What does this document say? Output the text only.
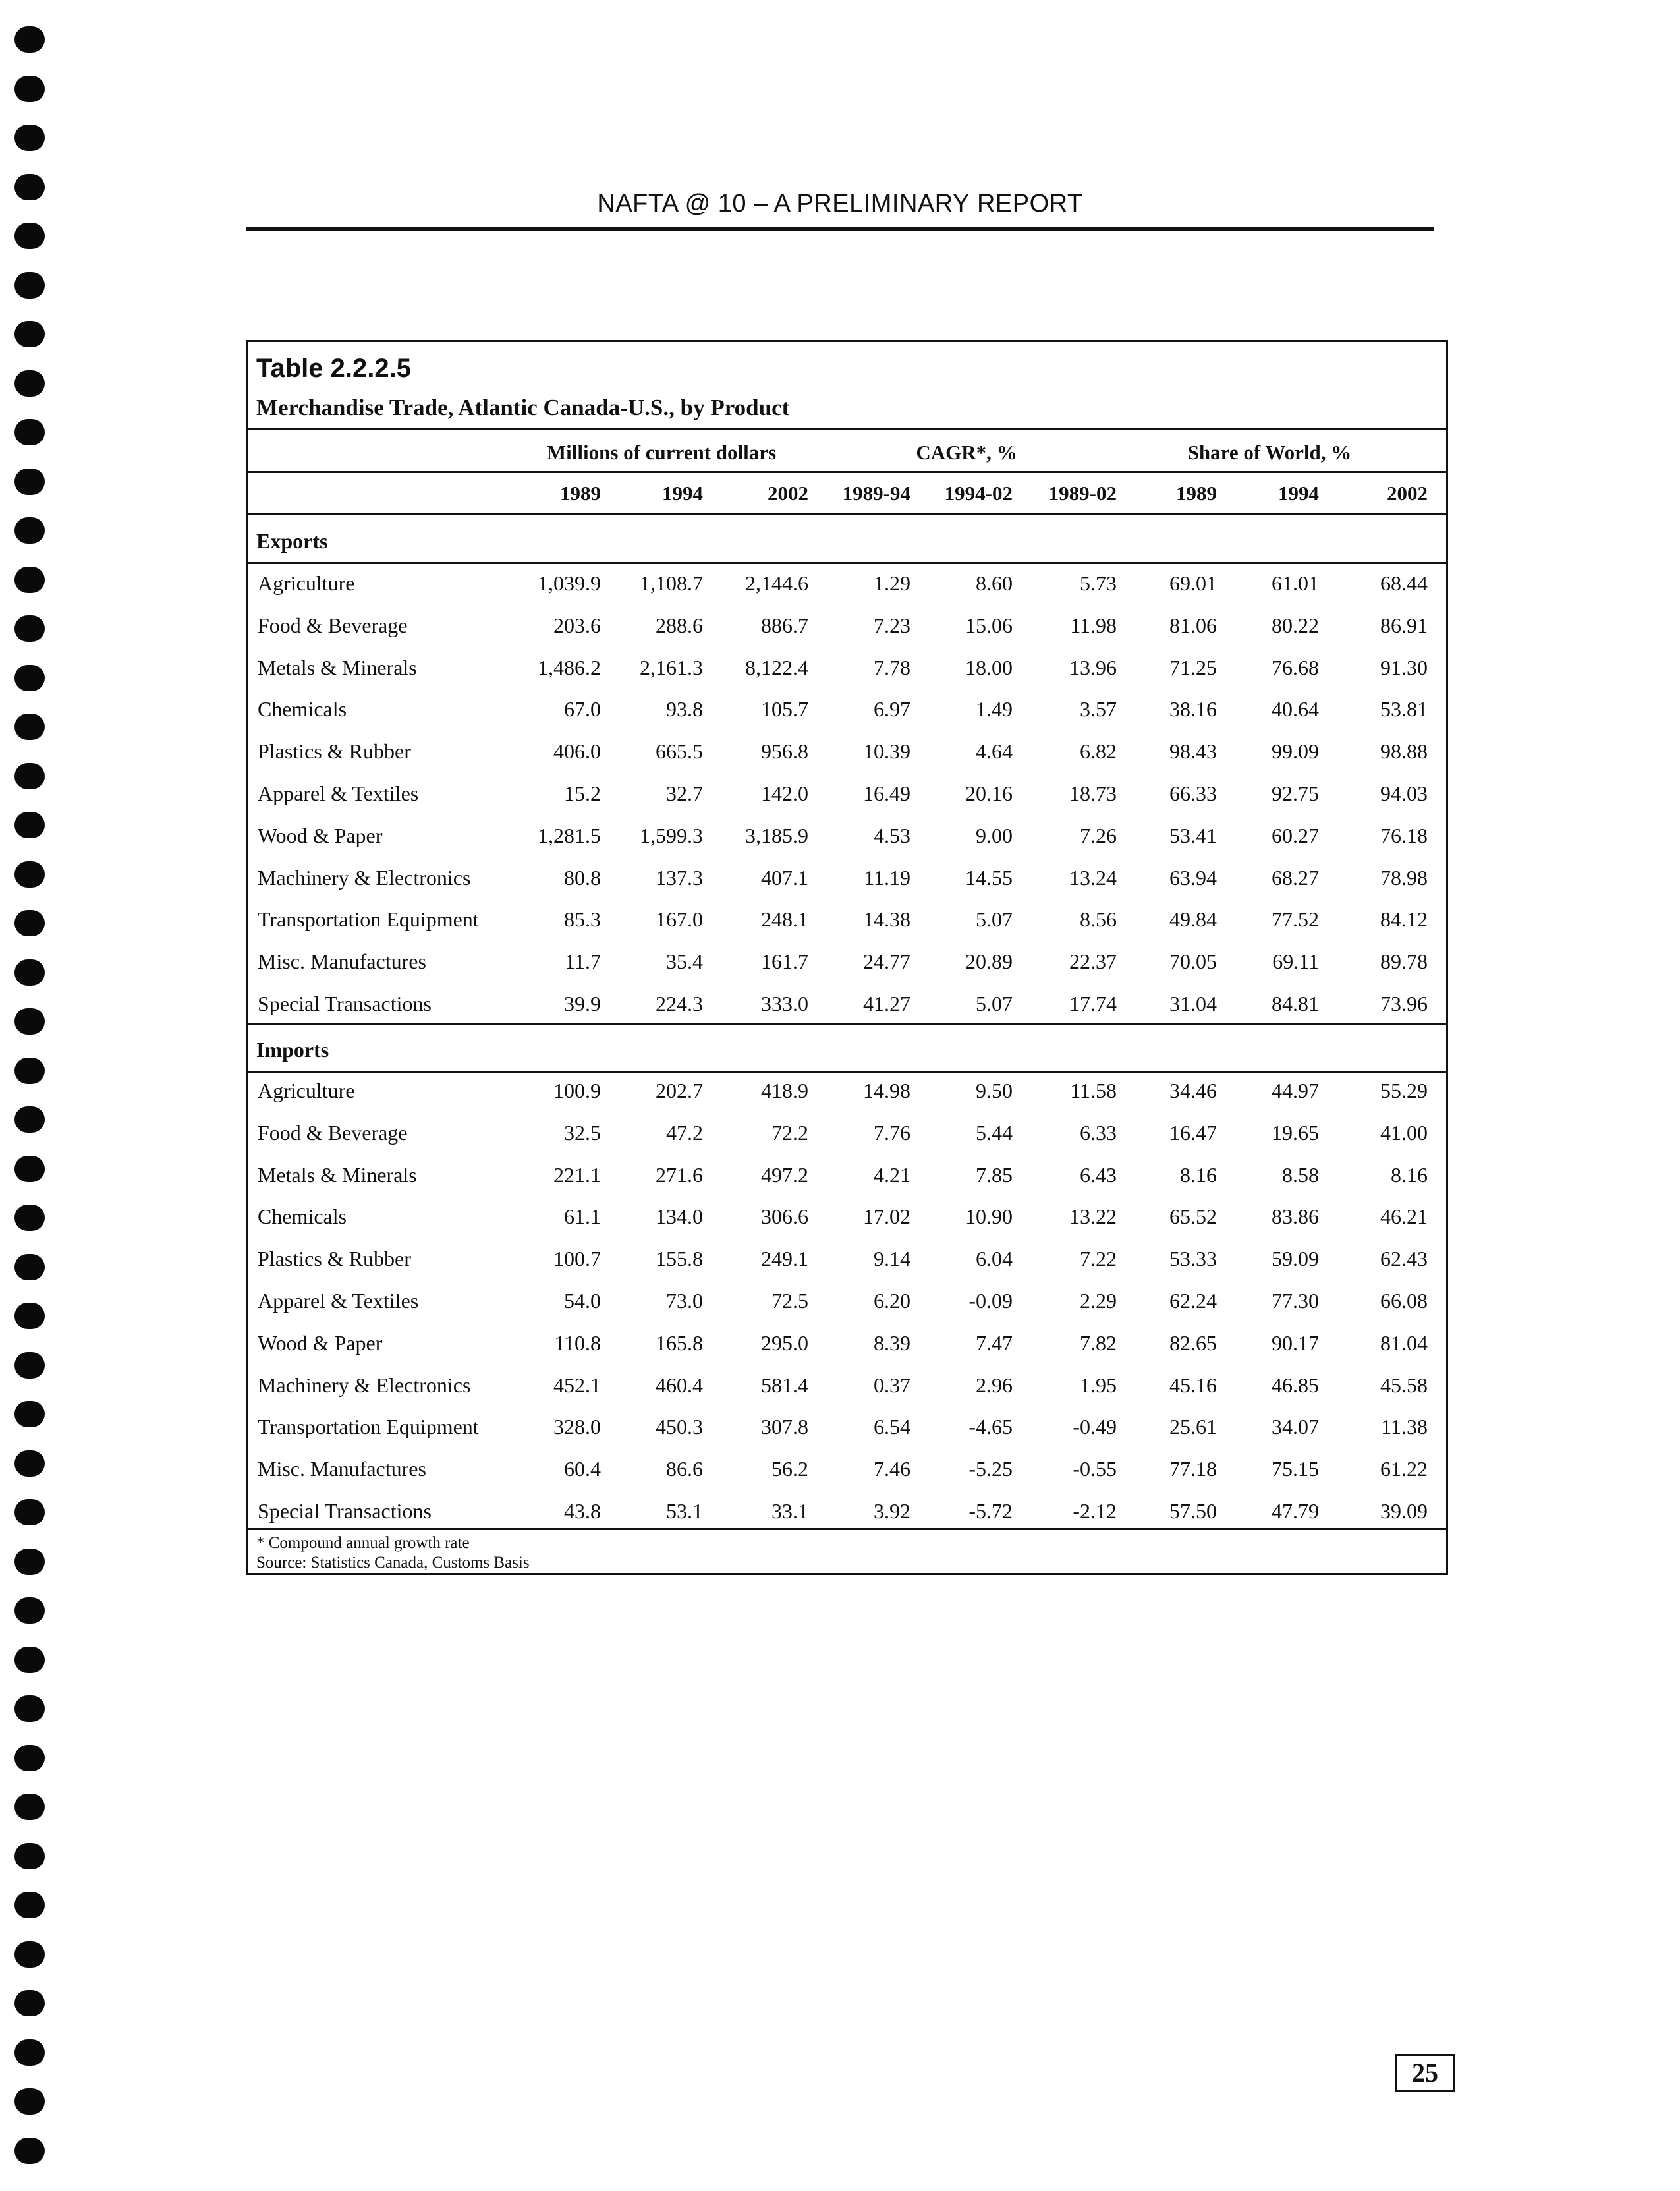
NAFTA @ 10 – A PRELIMINARY REPORT
Table 2.2.2.5
Merchandise Trade, Atlantic Canada-U.S., by Product
Millions of current dollars	CAGR*, %	Share of World, %
1989	1994	2002	1989-94	1994-02	1989-02	1989	1994	2002
Exports
Agriculture	1,039.9	1,108.7	2,144.6	1.29	8.60	5.73	69.01	61.01	68.44
Food & Beverage	203.6	288.6	886.7	7.23	15.06	11.98	81.06	80.22	86.91
Metals & Minerals	1,486.2	2,161.3	8,122.4	7.78	18.00	13.96	71.25	76.68	91.30
Chemicals	67.0	93.8	105.7	6.97	1.49	3.57	38.16	40.64	53.81
Plastics & Rubber	406.0	665.5	956.8	10.39	4.64	6.82	98.43	99.09	98.88
Apparel & Textiles	15.2	32.7	142.0	16.49	20.16	18.73	66.33	92.75	94.03
Wood & Paper	1,281.5	1,599.3	3,185.9	4.53	9.00	7.26	53.41	60.27	76.18
Machinery & Electronics	80.8	137.3	407.1	11.19	14.55	13.24	63.94	68.27	78.98
Transportation Equipment	85.3	167.0	248.1	14.38	5.07	8.56	49.84	77.52	84.12
Misc. Manufactures	11.7	35.4	161.7	24.77	20.89	22.37	70.05	69.11	89.78
Special Transactions	39.9	224.3	333.0	41.27	5.07	17.74	31.04	84.81	73.96
Imports
Agriculture	100.9	202.7	418.9	14.98	9.50	11.58	34.46	44.97	55.29
Food & Beverage	32.5	47.2	72.2	7.76	5.44	6.33	16.47	19.65	41.00
Metals & Minerals	221.1	271.6	497.2	4.21	7.85	6.43	8.16	8.58	8.16
Chemicals	61.1	134.0	306.6	17.02	10.90	13.22	65.52	83.86	46.21
Plastics & Rubber	100.7	155.8	249.1	9.14	6.04	7.22	53.33	59.09	62.43
Apparel & Textiles	54.0	73.0	72.5	6.20	-0.09	2.29	62.24	77.30	66.08
Wood & Paper	110.8	165.8	295.0	8.39	7.47	7.82	82.65	90.17	81.04
Machinery & Electronics	452.1	460.4	581.4	0.37	2.96	1.95	45.16	46.85	45.58
Transportation Equipment	328.0	450.3	307.8	6.54	-4.65	-0.49	25.61	34.07	11.38
Misc. Manufactures	60.4	86.6	56.2	7.46	-5.25	-0.55	77.18	75.15	61.22
Special Transactions	43.8	53.1	33.1	3.92	-5.72	-2.12	57.50	47.79	39.09
* Compound annual growth rate
Source: Statistics Canada, Customs Basis
25
